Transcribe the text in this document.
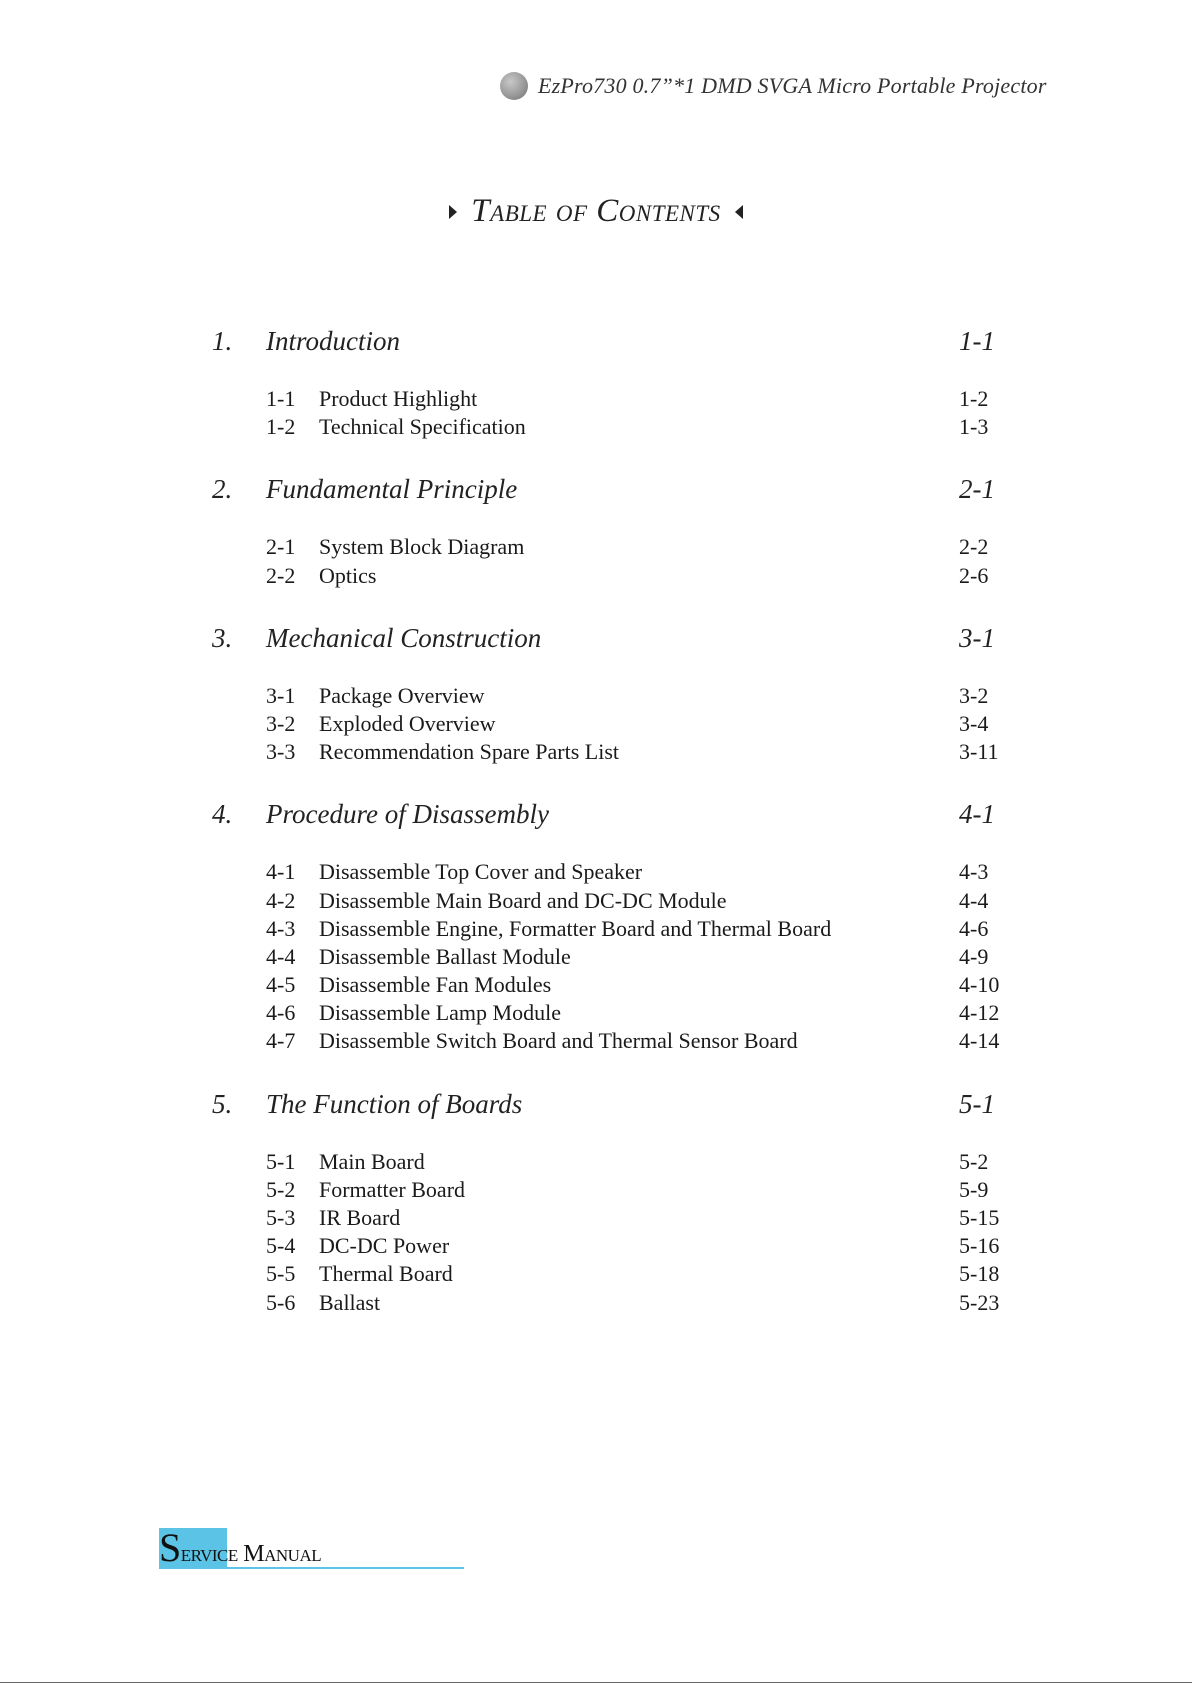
EzPro730 0.7”*1 DMD SVGA Micro Portable Projector
Table of Contents
1. Introduction	1-1
1-1 Product Highlight	1-2
1-2 Technical Specification	1-3
2. Fundamental Principle	2-1
2-1 System Block Diagram	2-2
2-2 Optics	2-6
3. Mechanical Construction	3-1
3-1 Package Overview	3-2
3-2 Exploded Overview	3-4
3-3 Recommendation Spare Parts List	3-11
4. Procedure of Disassembly	4-1
4-1 Disassemble Top Cover and Speaker	4-3
4-2 Disassemble Main Board and DC-DC Module	4-4
4-3 Disassemble Engine, Formatter Board and Thermal Board	4-6
4-4 Disassemble Ballast Module	4-9
4-5 Disassemble Fan Modules	4-10
4-6 Disassemble Lamp Module	4-12
4-7 Disassemble Switch Board and Thermal Sensor Board	4-14
5. The Function of Boards	5-1
5-1 Main Board	5-2
5-2 Formatter Board	5-9
5-3 IR Board	5-15
5-4 DC-DC Power	5-16
5-5 Thermal Board	5-18
5-6 Ballast	5-23
Service Manual
